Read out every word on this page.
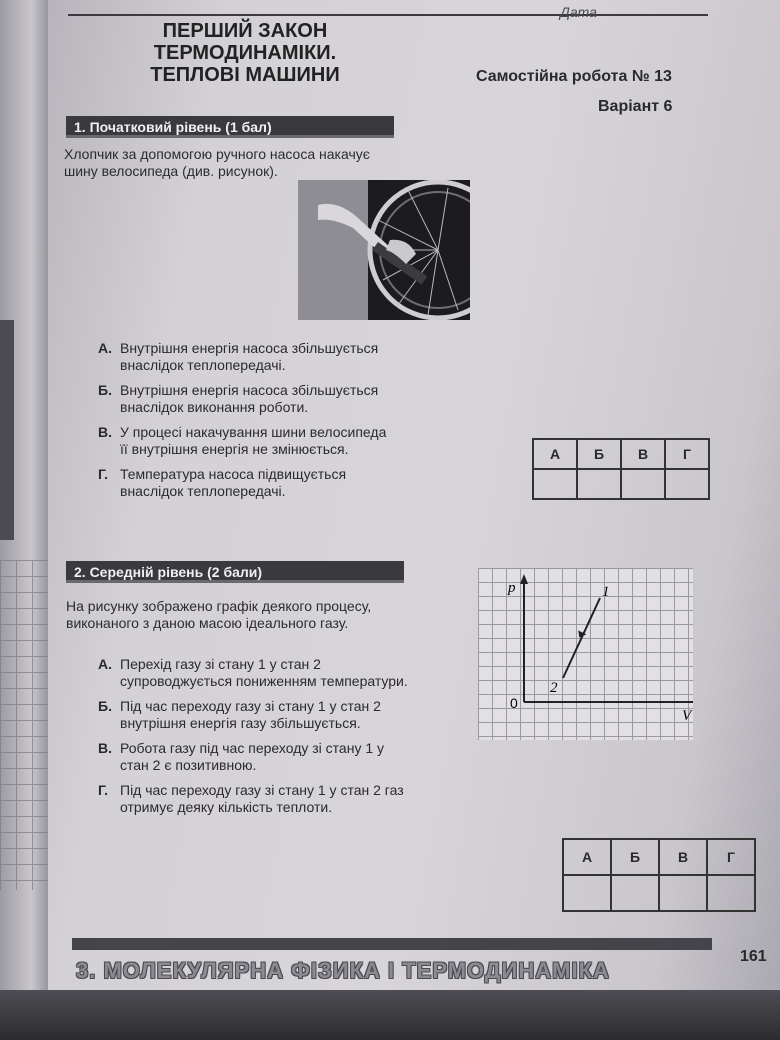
Дата
ПЕРШИЙ ЗАКОН ТЕРМОДИНАМІКИ. ТЕПЛОВІ МАШИНИ	Самостійна робота № 13
Варіант 6
1. Початковий рівень (1 бал)
Хлопчик за допомогою ручного насоса накачує шину велосипеда (див. рисунок).
А. Внутрішня енергія насоса збільшується внаслідок теплопередачі.
Б. Внутрішня енергія насоса збільшується внаслідок виконання роботи.
В. У процесі накачування шини велосипеда її внутрішня енергія не змінюється.
Г. Температура насоса підвищується внаслідок теплопередачі.
А	Б	В	Г

2. Середній рівень (2 бали)
На рисунку зображено графік деякого процесу, виконаного з даною масою ідеального газу.
А. Перехід газу зі стану 1 у стан 2 супроводжується пониженням температури.
Б. Під час переходу газу зі стану 1 у стан 2 внутрішня енергія газу збільшується.
В. Робота газу під час переходу зі стану 1 у стан 2 є позитивною.
Г. Під час переходу газу зі стану 1 у стан 2 газ отримує деяку кількість теплоти.
p
V
0
1
2
А	Б	В	Г

161
3. МОЛЕКУЛЯРНА ФІЗИКА І ТЕРМОДИНАМІКА
